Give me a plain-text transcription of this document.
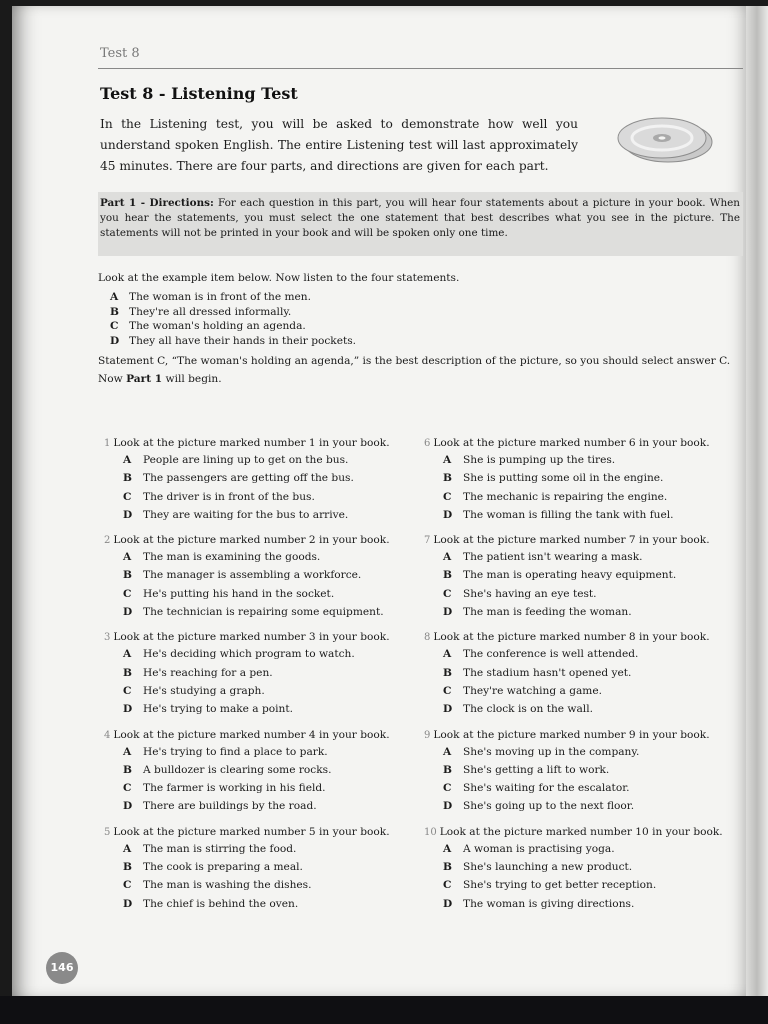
Test 8
Test 8 - Listening Test
In the Listening test, you will be asked to demonstrate how well you understand spoken English. The entire Listening test will last approximately 45 minutes. There are four parts, and directions are given for each part.
Part 1 - Directions: For each question in this part, you will hear four statements about a picture in your book. When you hear the statements, you must select the one statement that best describes what you see in the picture. The statements will not be printed in your book and will be spoken only one time.
Look at the example item below. Now listen to the four statements.
A	The woman is in front of the men.
B They're all dressed informally.
C The woman's holding an agenda.
D They all have their hands in their pockets.
Statement C, “The woman's holding an agenda,” is the best description of the picture, so you should select answer C.
Now Part 1 will begin.
1 Look at the picture marked number 1 in your book.
A	People are lining up to get on the bus.
B	The passengers are getting off the bus.
C	The driver is in front of the bus.
D	They are waiting for the bus to arrive.
2 Look at the picture marked number 2 in your book.
A	The man is examining the goods.
B	The manager is assembling a workforce.
C	He's putting his hand in the socket.
D	The technician is repairing some equipment.
3 Look at the picture marked number 3 in your book.
A	He's deciding which program to watch.
B	He's reaching for a pen.
C	He's studying a graph.
D	He's trying to make a point.
4 Look at the picture marked number 4 in your book.
A	He's trying to find a place to park.
B	A bulldozer is clearing some rocks.
C	The farmer is working in his field.
D	There are buildings by the road.
5 Look at the picture marked number 5 in your book.
A	The man is stirring the food.
B	The cook is preparing a meal.
C	The man is washing the dishes.
D	The chief is behind the oven.
6 Look at the picture marked number 6 in your book.
A	She is pumping up the tires.
B	She is putting some oil in the engine.
C	The mechanic is repairing the engine.
D	The woman is filling the tank with fuel.
7 Look at the picture marked number 7 in your book.
A	The patient isn't wearing a mask.
B	The man is operating heavy equipment.
C	She's having an eye test.
D	The man is feeding the woman.
8 Look at the picture marked number 8 in your book.
A	The conference is well attended.
B	The stadium hasn't opened yet.
C	They're watching a game.
D	The clock is on the wall.
9 Look at the picture marked number 9 in your book.
A	She's moving up in the company.
B	She's getting a lift to work.
C	She's waiting for the escalator.
D	She's going up to the next floor.
10 Look at the picture marked number 10 in your book.
A	A woman is practising yoga.
B	She's launching a new product.
C	She's trying to get better reception.
D	The woman is giving directions.
146
